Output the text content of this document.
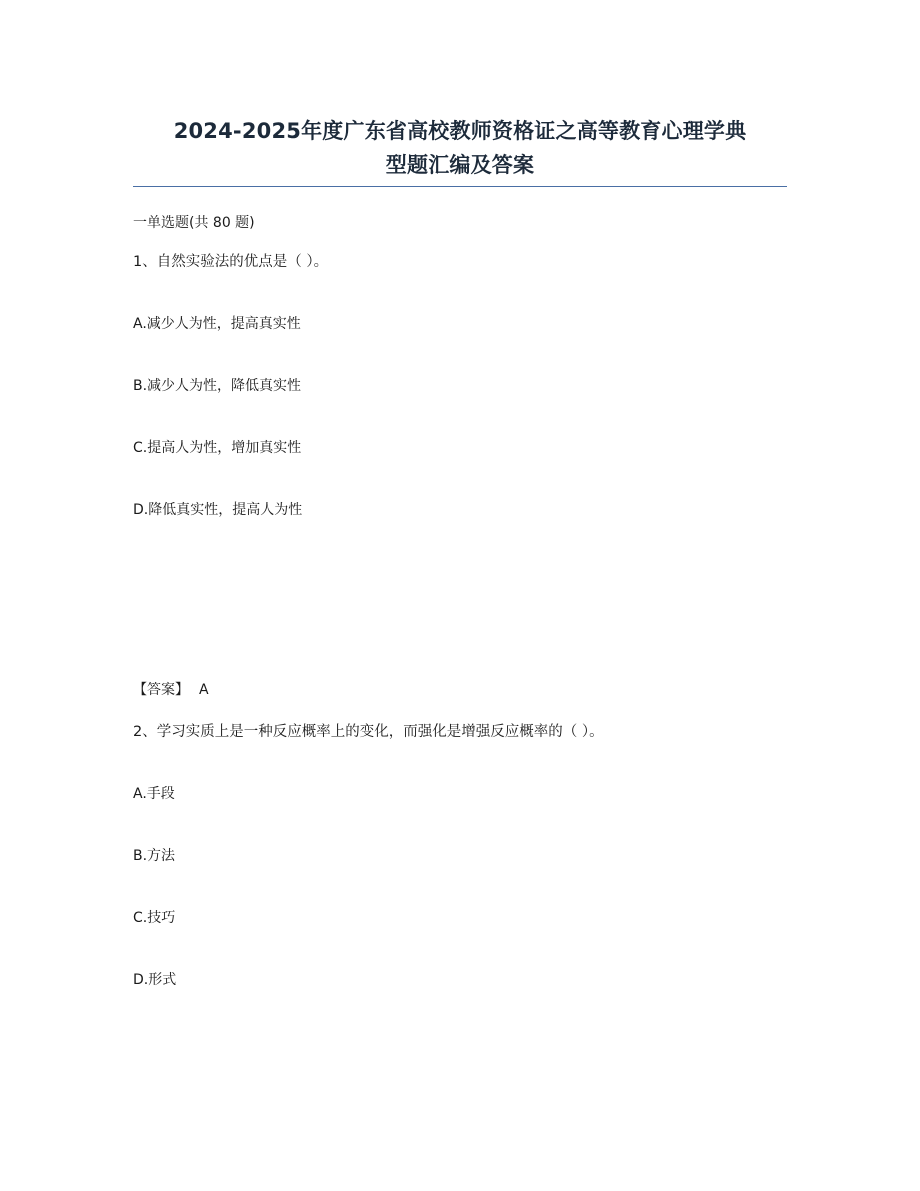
2024-2025年度广东省高校教师资格证之高等教育心理学典
型题汇编及答案
一单选题(共 80 题)
1、自然实验法的优点是（ ）。
A.减少人为性，提高真实性
B.减少人为性，降低真实性
C.提高人为性，增加真实性
D.降低真实性，提高人为性
【答案】 A
2、学习实质上是一种反应概率上的变化，而强化是增强反应概率的（ ）。
A.手段
B.方法
C.技巧
D.形式
